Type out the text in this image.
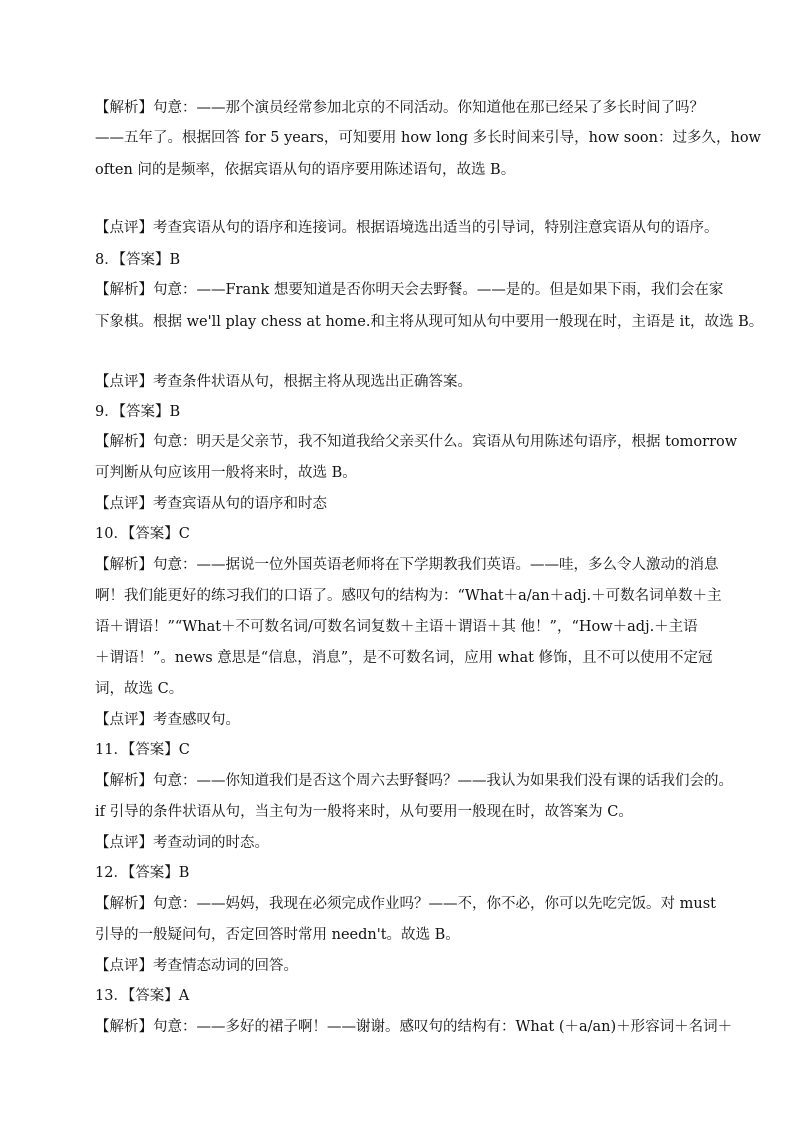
【解析】句意：——那个演员经常参加北京的不同活动。你知道他在那已经呆了多长时间了吗？
——五年了。根据回答 for 5 years，可知要用 how long 多长时间来引导，how soon：过多久，how
often 问的是频率，依据宾语从句的语序要用陈述语句，故选 B。
【点评】考查宾语从句的语序和连接词。根据语境选出适当的引导词，特别注意宾语从句的语序。
8．【答案】B
【解析】句意：——Frank 想要知道是否你明天会去野餐。——是的。但是如果下雨，我们会在家
下象棋。根据 we'll play chess at home.和主将从现可知从句中要用一般现在时，主语是 it，故选 B。
【点评】考查条件状语从句，根据主将从现选出正确答案。
9．【答案】B
【解析】句意：明天是父亲节，我不知道我给父亲买什么。宾语从句用陈述句语序，根据 tomorrow
可判断从句应该用一般将来时，故选 B。
【点评】考查宾语从句的语序和时态
10．【答案】C
【解析】句意：——据说一位外国英语老师将在下学期教我们英语。——哇，多么令人激动的消息
啊！我们能更好的练习我们的口语了。感叹句的结构为：“What＋a/an＋adj.＋可数名词单数＋主
语＋谓语！”“What＋不可数名词/可数名词复数＋主语＋谓语＋其 他！”，“How＋adj.＋主语
＋谓语！”。news 意思是“信息，消息”，是不可数名词，应用 what 修饰，且不可以使用不定冠
词，故选 C。
【点评】考查感叹句。
11．【答案】C
【解析】句意：——你知道我们是否这个周六去野餐吗？——我认为如果我们没有课的话我们会的。
if 引导的条件状语从句，当主句为一般将来时，从句要用一般现在时，故答案为 C。
【点评】考查动词的时态。
12．【答案】B
【解析】句意：——妈妈，我现在必须完成作业吗？——不，你不必，你可以先吃完饭。对 must
引导的一般疑问句，否定回答时常用 needn't。故选 B。
【点评】考查情态动词的回答。
13．【答案】A
【解析】句意：——多好的裙子啊！——谢谢。感叹句的结构有：What (＋a/an)＋形容词＋名词＋
